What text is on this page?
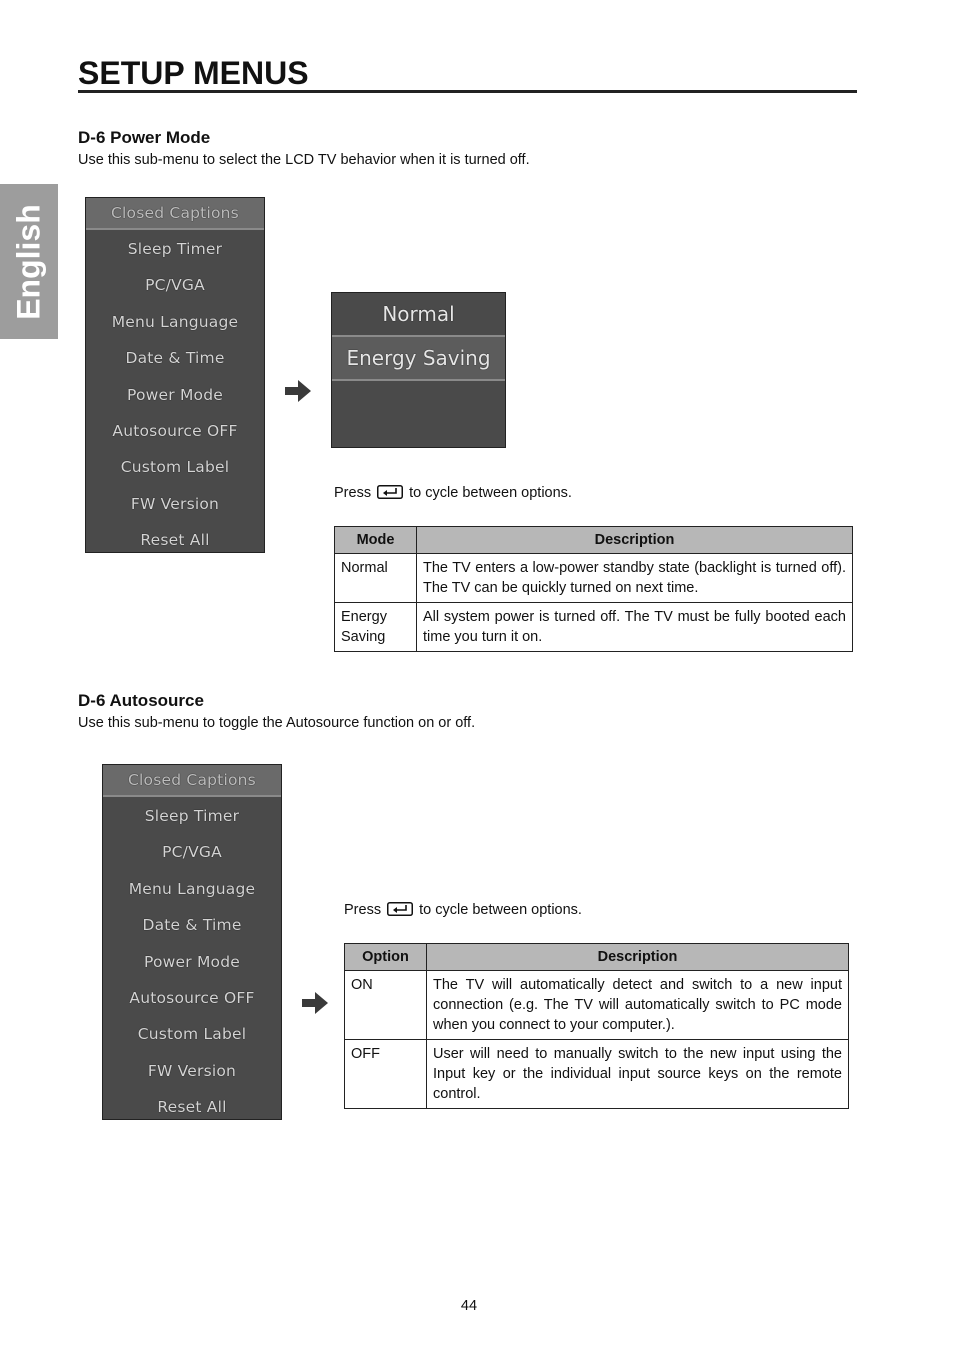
SETUP MENUS
English
D-6 Power Mode
Use this sub-menu to select the LCD TV behavior when it is turned off.
Closed Captions
Sleep Timer
PC/VGA
Menu Language
Date & Time
Power Mode
Autosource OFF
Custom Label
FW Version
Reset All
Normal
Energy Saving
Press	to cycle between options.
Mode	Description
Normal	The TV enters a low-power standby state (backlight is turned off). The TV can be quickly turned on next time.
Energy Saving	All system power is turned off. The TV must be fully booted each time you turn it on.
D-6 Autosource
Use this sub-menu to toggle the Autosource function on or off.
Closed Captions
Sleep Timer
PC/VGA
Menu Language
Date & Time
Power Mode
Autosource OFF
Custom Label
FW Version
Reset All
Press	to cycle between options.
Option	Description
ON	The TV will automatically detect and switch to a new input connection (e.g. The TV will automatically switch to PC mode when you connect to your computer.).
OFF	User will need to manually switch to the new input using the Input key or the individual input source keys on the remote control.
44
